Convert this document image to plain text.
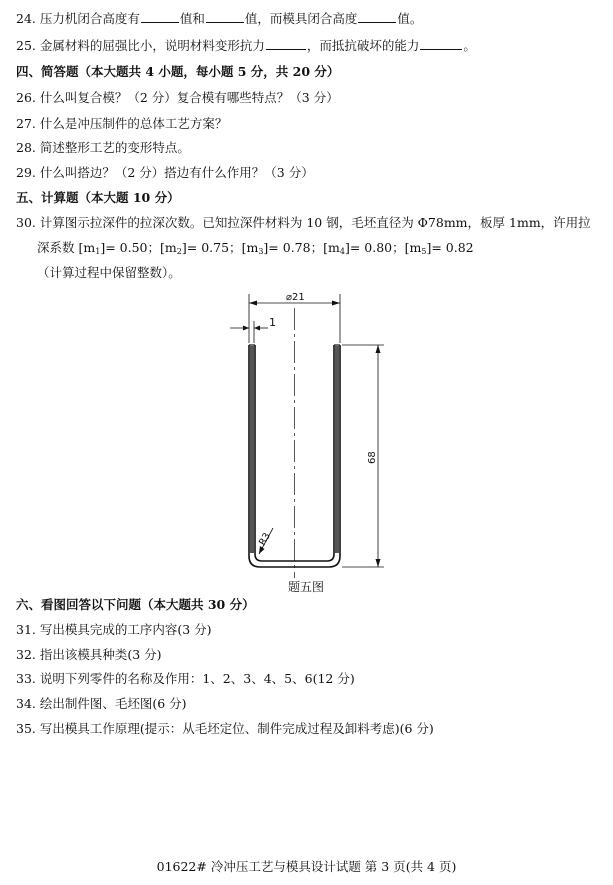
24. 压力机闭合高度有	值和	值，而模具闭合高度	值。
25. 金属材料的屈强比小，说明材料变形抗力	，而抵抗破坏的能力	。
四、简答题（本大题共 4 小题，每小题 5 分，共 20 分）
26. 什么叫复合模？（2 分）复合模有哪些特点？（3 分）
27. 什么是冲压制件的总体工艺方案？
28. 简述整形工艺的变形特点。
29. 什么叫搭边？（2 分）搭边有什么作用？（3 分）
五、计算题（本大题 10 分）
30. 计算图示拉深件的拉深次数。已知拉深件材料为 10 钢，毛坯直径为 Φ78mm，板厚 1mm，许用拉
深系数 $[m_1]= 0.50$；$[m_2]= 0.75$；$[m_3]= 0.78$；$[m_4]= 0.80$；$[m_5]= 0.82$
（计算过程中保留整数）。
⌀21
1
68
R3
题五图
六、看图回答以下问题（本大题共 30 分）
31. 写出模具完成的工序内容(3 分)
32. 指出该模具种类(3 分)
33. 说明下列零件的名称及作用：1、2、3、4、5、6(12 分)
34. 绘出制件图、毛坯图(6 分)
35. 写出模具工作原理(提示：从毛坯定位、制件完成过程及卸料考虑)(6 分)
01622# 冷冲压工艺与模具设计试题 第 3 页(共 4 页)
